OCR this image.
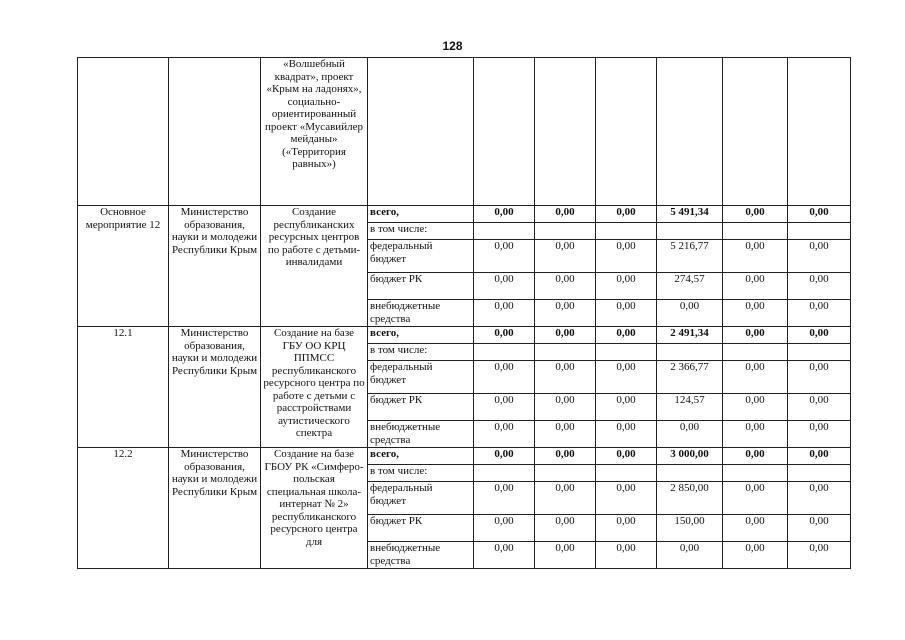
128
		«Волшебный квадрат», проект «Крым на ладонях», социально-ориентированный проект «Мусавийлер мейданы» («Территория равных»)							
Основное мероприятие 12	Министерство образования, науки и молодежи Республики Крым	Создание республиканских ресурсных центров по работе с детьми-инвалидами	всего,	0,00	0,00	0,00	5 491,34	0,00	0,00
			в том числе:						
			федеральный бюджет	0,00	0,00	0,00	5 216,77	0,00	0,00
			бюджет РК	0,00	0,00	0,00	274,57	0,00	0,00
			внебюджетные средства	0,00	0,00	0,00	0,00	0,00	0,00
12.1	Министерство образования, науки и молодежи Республики Крым	Создание на базе ГБУ ОО КРЦ ППМСС республиканского ресурсного центра по работе с детьми с расстройствами аутистического спектра	всего,	0,00	0,00	0,00	2 491,34	0,00	0,00
			в том числе:						
			федеральный бюджет	0,00	0,00	0,00	2 366,77	0,00	0,00
			бюджет РК	0,00	0,00	0,00	124,57	0,00	0,00
			внебюджетные средства	0,00	0,00	0,00	0,00	0,00	0,00
12.2	Министерство образования, науки и молодежи Республики Крым	Создание на базе ГБОУ РК «Симферо-польская специальная школа-интернат № 2» республиканского ресурсного центра для	всего,	0,00	0,00	0,00	3 000,00	0,00	0,00
			в том числе:						
			федеральный бюджет	0,00	0,00	0,00	2 850,00	0,00	0,00
			бюджет РК	0,00	0,00	0,00	150,00	0,00	0,00
			внебюджетные средства	0,00	0,00	0,00	0,00	0,00	0,00
